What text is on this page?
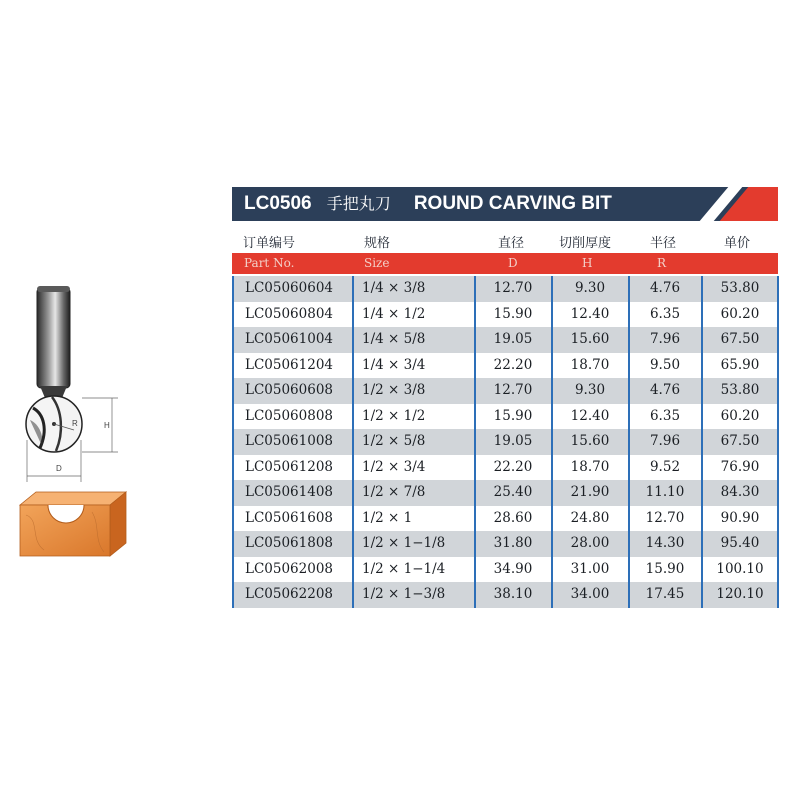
R	H
D
LC0506 手把丸刀 ROUND CARVING BIT
订单编号	规格	直径	切削厚度	半径	单价
Part No.	Size	D	H	R
LC05060604 1/4 × 3/8	12.70	9.30	4.76	53.80
LC05060804 1/4 × 1/2	15.90	12.40	6.35	60.20
LC05061004 1/4 × 5/8	19.05	15.60	7.96	67.50
LC05061204 1/4 × 3/4	22.20	18.70	9.50	65.90
LC05060608 1/2 × 3/8	12.70	9.30	4.76	53.80
LC05060808 1/2 × 1/2	15.90	12.40	6.35	60.20
LC05061008 1/2 × 5/8	19.05	15.60	7.96	67.50
LC05061208 1/2 × 3/4	22.20	18.70	9.52	76.90
LC05061408 1/2 × 7/8	25.40	21.90	11.10	84.30
LC05061608 1/2 × 1	28.60	24.80	12.70	90.90
LC05061808 1/2 × 1−1/8	31.80	28.00	14.30	95.40
LC05062008 1/2 × 1−1/4	34.90	31.00	15.90	100.10
LC05062208 1/2 × 1−3/8	38.10	34.00	17.45	120.10
